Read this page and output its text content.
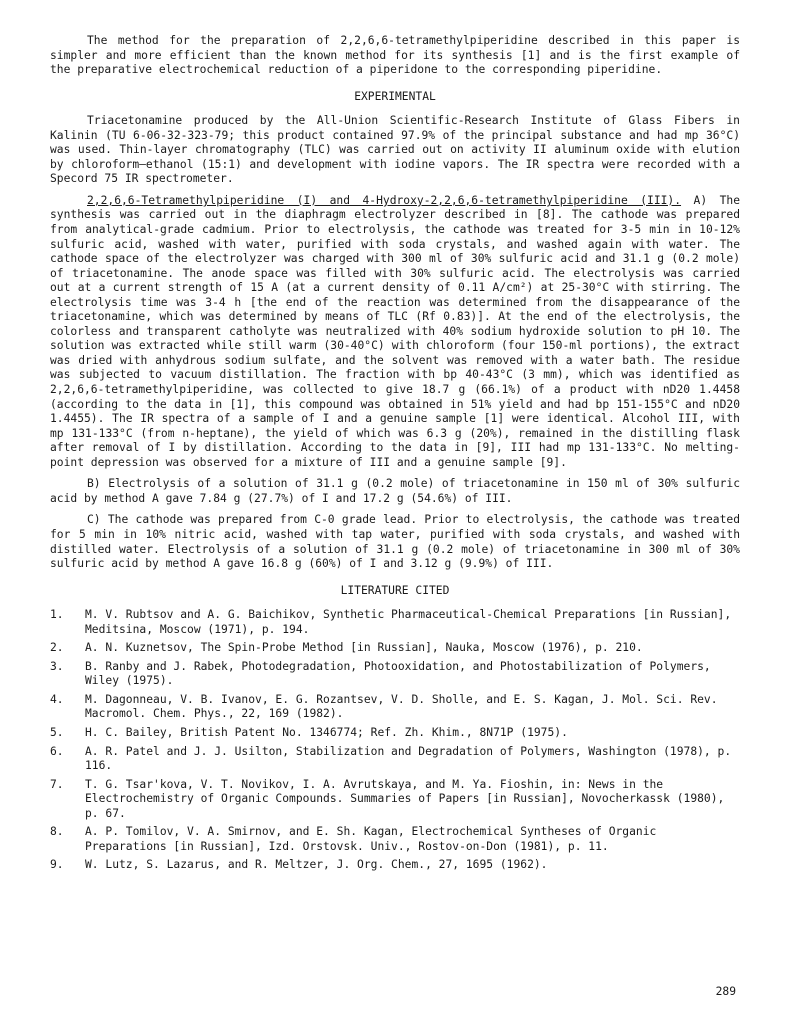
The method for the preparation of 2,2,6,6-tetramethylpiperidine described in this paper is simpler and more efficient than the known method for its synthesis [1] and is the first example of the preparative electrochemical reduction of a piperidone to the corresponding piperidine.

EXPERIMENTAL

Triacetonamine produced by the All-Union Scientific-Research Institute of Glass Fibers in Kalinin (TU 6-06-32-323-79; this product contained 97.9% of the principal substance and had mp 36°C) was used. Thin-layer chromatography (TLC) was carried out on activity II aluminum oxide with elution by chloroform–ethanol (15:1) and development with iodine vapors. The IR spectra were recorded with a Specord 75 IR spectrometer.

2,2,6,6-Tetramethylpiperidine (I) and 4-Hydroxy-2,2,6,6-tetramethylpiperidine (III). A) The synthesis was carried out in the diaphragm electrolyzer described in [8]. The cathode was prepared from analytical-grade cadmium. Prior to electrolysis, the cathode was treated for 3-5 min in 10-12% sulfuric acid, washed with water, purified with soda crystals, and washed again with water. The cathode space of the electrolyzer was charged with 300 ml of 30% sulfuric acid and 31.1 g (0.2 mole) of triacetonamine. The anode space was filled with 30% sulfuric acid. The electrolysis was carried out at a current strength of 15 A (at a current density of 0.11 A/cm²) at 25-30°C with stirring. The electrolysis time was 3-4 h [the end of the reaction was determined from the disappearance of the triacetonamine, which was determined by means of TLC (Rf 0.83)]. At the end of the electrolysis, the colorless and transparent catholyte was neutralized with 40% sodium hydroxide solution to pH 10. The solution was extracted while still warm (30-40°C) with chloroform (four 150-ml portions), the extract was dried with anhydrous sodium sulfate, and the solvent was removed with a water bath. The residue was subjected to vacuum distillation. The fraction with bp 40-43°C (3 mm), which was identified as 2,2,6,6-tetramethylpiperidine, was collected to give 18.7 g (66.1%) of a product with nD20 1.4458 (according to the data in [1], this compound was obtained in 51% yield and had bp 151-155°C and nD20 1.4455). The IR spectra of a sample of I and a genuine sample [1] were identical. Alcohol III, with mp 131-133°C (from n-heptane), the yield of which was 6.3 g (20%), remained in the distilling flask after removal of I by distillation. According to the data in [9], III had mp 131-133°C. No melting-point depression was observed for a mixture of III and a genuine sample [9].

B) Electrolysis of a solution of 31.1 g (0.2 mole) of triacetonamine in 150 ml of 30% sulfuric acid by method A gave 7.84 g (27.7%) of I and 17.2 g (54.6%) of III.

C) The cathode was prepared from C-0 grade lead. Prior to electrolysis, the cathode was treated for 5 min in 10% nitric acid, washed with tap water, purified with soda crystals, and washed with distilled water. Electrolysis of a solution of 31.1 g (0.2 mole) of triacetonamine in 300 ml of 30% sulfuric acid by method A gave 16.8 g (60%) of I and 3.12 g (9.9%) of III.

LITERATURE CITED
1.	M. V. Rubtsov and A. G. Baichikov, Synthetic Pharmaceutical-Chemical Preparations [in Russian], Meditsina, Moscow (1971), p. 194.
2.	A. N. Kuznetsov, The Spin-Probe Method [in Russian], Nauka, Moscow (1976), p. 210.
3.	B. Ranby and J. Rabek, Photodegradation, Photooxidation, and Photostabilization of Polymers, Wiley (1975).
4.	M. Dagonneau, V. B. Ivanov, E. G. Rozantsev, V. D. Sholle, and E. S. Kagan, J. Mol. Sci. Rev. Macromol. Chem. Phys., 22, 169 (1982).
5.	H. C. Bailey, British Patent No. 1346774; Ref. Zh. Khim., 8N71P (1975).
6.	A. R. Patel and J. J. Usilton, Stabilization and Degradation of Polymers, Washington (1978), p. 116.
7.	T. G. Tsar'kova, V. T. Novikov, I. A. Avrutskaya, and M. Ya. Fioshin, in: News in the Electrochemistry of Organic Compounds. Summaries of Papers [in Russian], Novocherkassk (1980), p. 67.
8.	A. P. Tomilov, V. A. Smirnov, and E. Sh. Kagan, Electrochemical Syntheses of Organic Preparations [in Russian], Izd. Orstovsk. Univ., Rostov-on-Don (1981), p. 11.
9.	W. Lutz, S. Lazarus, and R. Meltzer, J. Org. Chem., 27, 1695 (1962).
289
